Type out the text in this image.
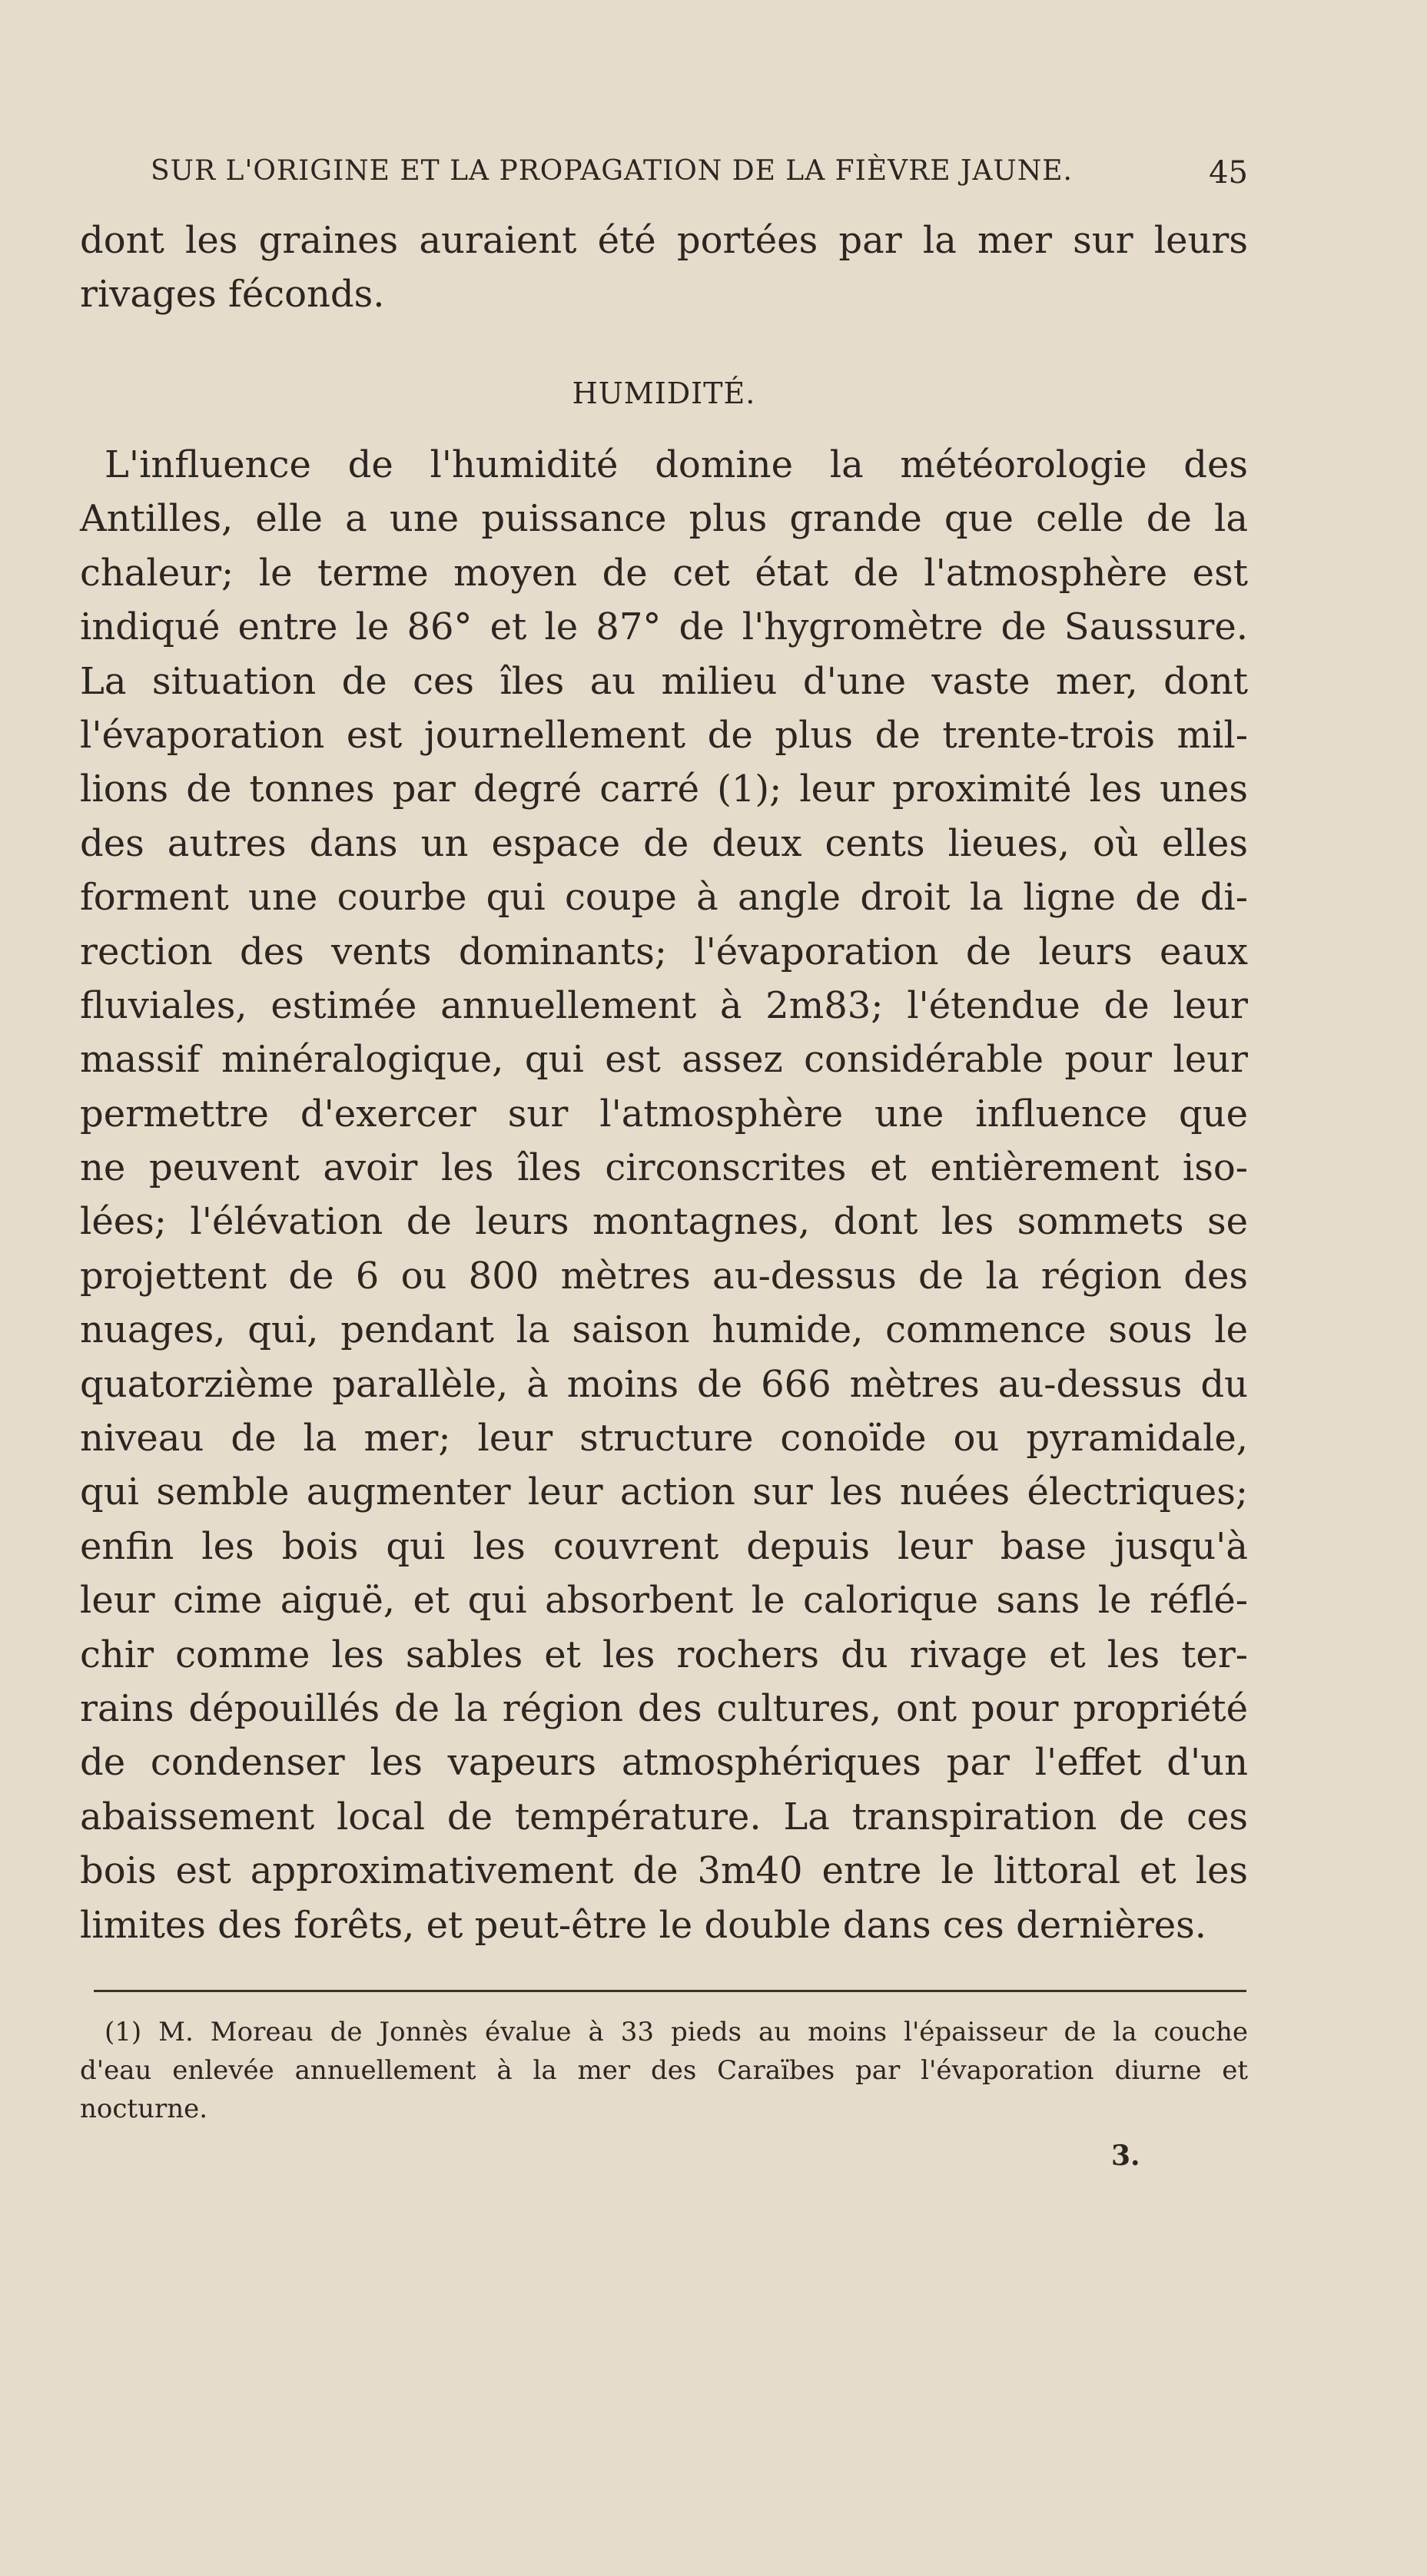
SUR L'ORIGINE ET LA PROPAGATION DE LA FIÈVRE JAUNE.	45
dont les graines auraient été portées par la mer sur leurs
rivages féconds.
HUMIDITÉ.
L'influence de l'humidité domine la météorologie des
Antilles, elle a une puissance plus grande que celle de la
chaleur; le terme moyen de cet état de l'atmosphère est
indiqué entre le 86° et le 87° de l'hygromètre de Saussure.
La situation de ces îles au milieu d'une vaste mer, dont
l'évaporation est journellement de plus de trente-trois mil-
lions de tonnes par degré carré (1); leur proximité les unes
des autres dans un espace de deux cents lieues, où elles
forment une courbe qui coupe à angle droit la ligne de di-
rection des vents dominants; l'évaporation de leurs eaux
fluviales, estimée annuellement à 2m83; l'étendue de leur
massif minéralogique, qui est assez considérable pour leur
permettre d'exercer sur l'atmosphère une influence que
ne peuvent avoir les îles circonscrites et entièrement iso-
lées; l'élévation de leurs montagnes, dont les sommets se
projettent de 6 ou 800 mètres au-dessus de la région des
nuages, qui, pendant la saison humide, commence sous le
quatorzième parallèle, à moins de 666 mètres au-dessus du
niveau de la mer; leur structure conoïde ou pyramidale,
qui semble augmenter leur action sur les nuées électriques;
enfin les bois qui les couvrent depuis leur base jusqu'à
leur cime aiguë, et qui absorbent le calorique sans le réflé-
chir comme les sables et les rochers du rivage et les ter-
rains dépouillés de la région des cultures, ont pour propriété
de condenser les vapeurs atmosphériques par l'effet d'un
abaissement local de température. La transpiration de ces
bois est approximativement de 3m40 entre le littoral et les
limites des forêts, et peut-être le double dans ces dernières.
(1) M. Moreau de Jonnès évalue à 33 pieds au moins l'épaisseur de la couche
d'eau enlevée annuellement à la mer des Caraïbes par l'évaporation diurne et
nocturne.
3.
